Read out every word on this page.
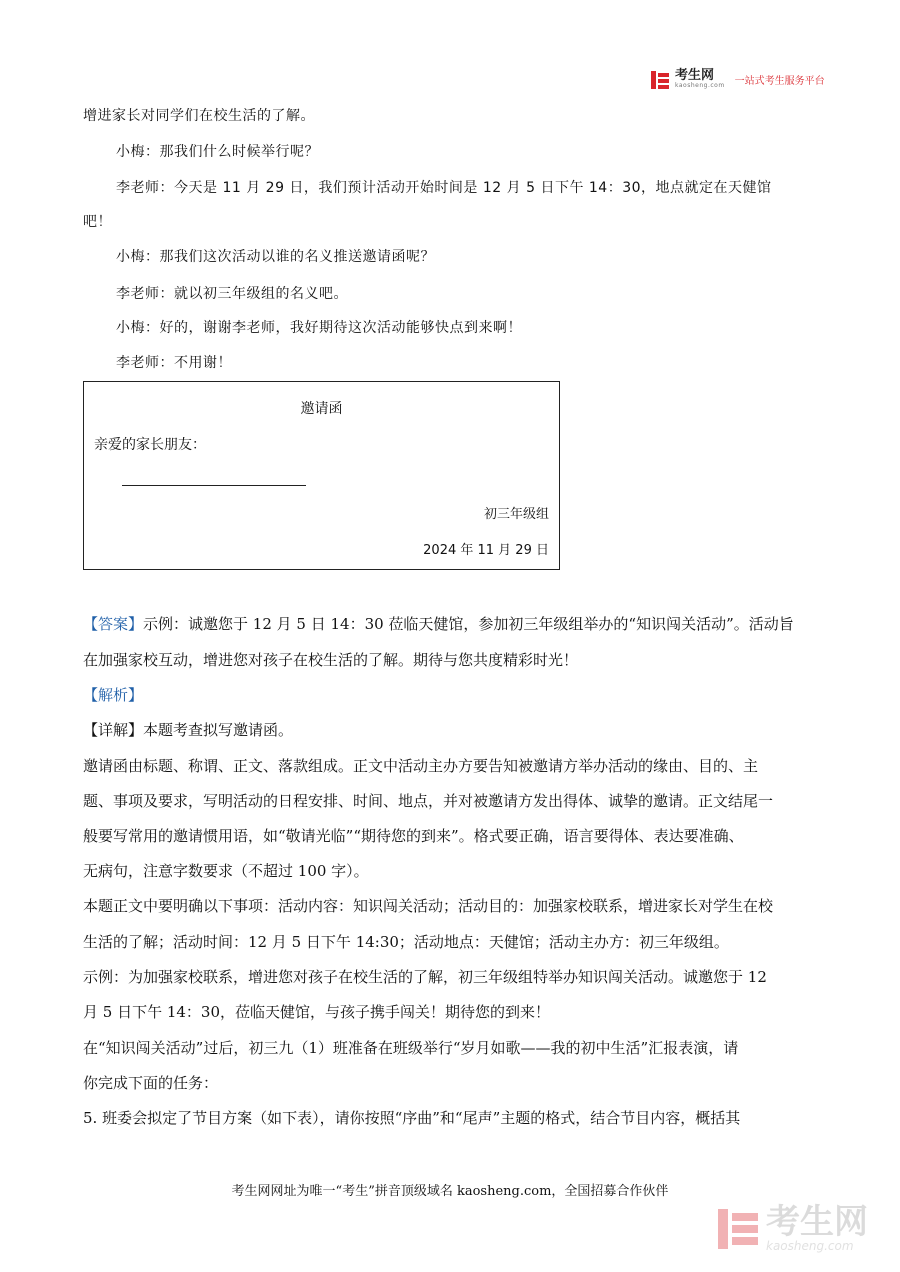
考生网
kaosheng.com 一站式考生服务平台
增进家长对同学们在校生活的了解。
小梅：那我们什么时候举行呢？
李老师：今天是 11 月 29 日，我们预计活动开始时间是 12 月 5 日下午 14：30，地点就定在天健馆
吧！
小梅：那我们这次活动以谁的名义推送邀请函呢？
李老师：就以初三年级组的名义吧。
小梅：好的，谢谢李老师，我好期待这次活动能够快点到来啊！
李老师：不用谢！
邀请函
亲爱的家长朋友：
初三年级组
2024 年 11 月 29 日
【答案】示例：诚邀您于 12 月 5 日 14：30 莅临天健馆，参加初三年级组举办的“知识闯关活动”。活动旨
在加强家校互动，增进您对孩子在校生活的了解。期待与您共度精彩时光！
【解析】
【详解】本题考查拟写邀请函。
邀请函由标题、称谓、正文、落款组成。正文中活动主办方要告知被邀请方举办活动的缘由、目的、主
题、事项及要求，写明活动的日程安排、时间、地点，并对被邀请方发出得体、诚挚的邀请。正文结尾一
般要写常用的邀请惯用语，如“敬请光临”“期待您的到来”。格式要正确，语言要得体、表达要准确、
无病句，注意字数要求（不超过 100 字）。
本题正文中要明确以下事项：活动内容：知识闯关活动；活动目的：加强家校联系，增进家长对学生在校
生活的了解；活动时间：12 月 5 日下午 14:30；活动地点：天健馆；活动主办方：初三年级组。
示例：为加强家校联系，增进您对孩子在校生活的了解，初三年级组特举办知识闯关活动。诚邀您于 12
月 5 日下午 14：30，莅临天健馆，与孩子携手闯关！期待您的到来！
在“知识闯关活动”过后，初三九（1）班准备在班级举行“岁月如歌——我的初中生活”汇报表演，请
你完成下面的任务：
5. 班委会拟定了节目方案（如下表），请你按照“序曲”和“尾声”主题的格式，结合节目内容，概括其
考生网网址为唯一“考生”拼音顶级域名 kaosheng.com，全国招募合作伙伴
考生网
kaosheng.com
